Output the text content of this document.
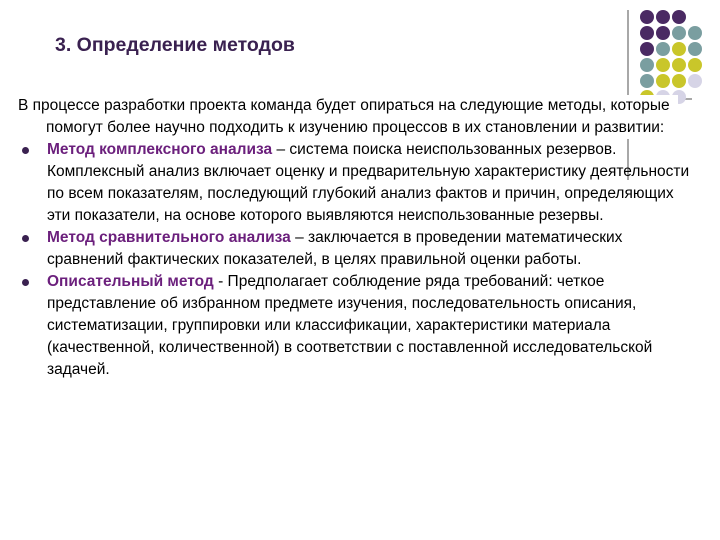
3. Определение методов

В процессе разработки проекта команда будет опираться на следующие методы, которые помогут более научно подходить к изучению процессов в их становлении и развитии:

Метод комплексного анализа – система поиска неиспользованных резервов. Комплексный анализ включает оценку и предварительную характеристику деятельности по всем показателям, последующий глубокий анализ фактов и причин, определяющих эти показатели, на основе которого выявляются неиспользованные резервы.
Метод сравнительного анализа – заключается в проведении математических сравнений фактических показателей, в целях правильной оценки работы.
Описательный метод - Предполагает соблюдение ряда требований: четкое представление об избранном предмете изучения, последовательность описания, систематизации, группировки или классификации, характеристики материала (качественной, количественной) в соответствии с поставленной исследовательской задачей.
